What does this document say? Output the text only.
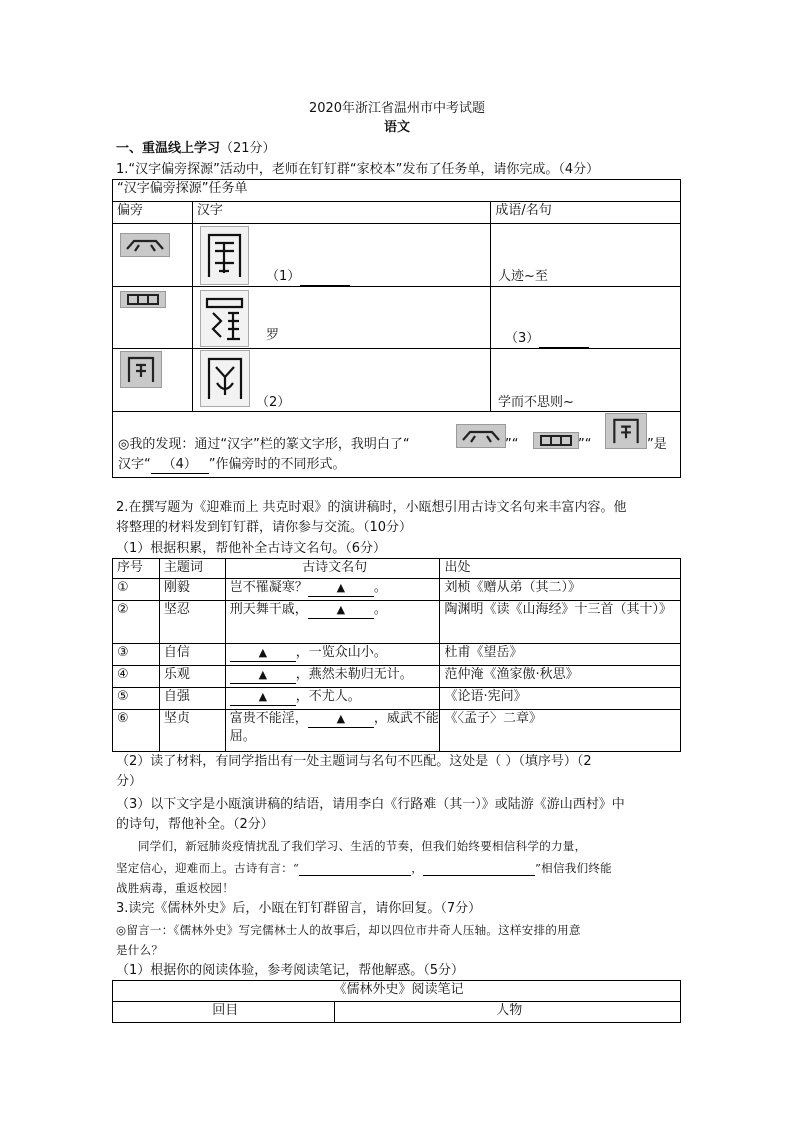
2020年浙江省温州市中考试题
语文
一、重温线上学习（21分）
1.“汉字偏旁探源”活动中，老师在钉钉群“家校本”发布了任务单，请你完成。（4分）
“汉字偏旁探源”任务单		
偏旁	汉字	成语/名句

（1）	人迹~至
罗	（3）
（2）	学而不思则~
◎我的发现：通过“汉字”栏的篆文字形，我明白了“	”“	”“	”是
汉字“ （4） ”作偏旁时的不同形式。
2.在撰写题为《迎难而上 共克时艰》的演讲稿时，小瓯想引用古诗文名句来丰富内容。他
将整理的材料发到钉钉群，请你参与交流。（10分）
（1）根据积累，帮他补全古诗文名句。（6分）
序号	主题词	古诗文名句	出处
①	刚毅	岂不罹凝寒？ ▲ 。	刘桢《赠从弟（其二）》
②	坚忍	刑天舞干戚， ▲ 。	陶渊明《读《山海经》十三首（其十）》
③	自信	▲ ，一览众山小。	杜甫《望岳》
④	乐观	▲ ，燕然未勒归无计。	范仲淹《渔家傲·秋思》
⑤	自强	▲ ，不尤人。	《论语·宪问》
⑥	坚贞	富贵不能淫， ▲ ，威武不能屈。	《〈孟子〉二章》
（2）读了材料，有同学指出有一处主题词与名句不匹配。这处是（ ）（填序号）（2
分）
（3）以下文字是小瓯演讲稿的结语，请用李白《行路难（其一）》或陆游《游山西村》中
的诗句，帮他补全。（2分）
同学们，新冠肺炎疫情扰乱了我们学习、生活的节奏，但我们始终要相信科学的力量，
坚定信心，迎难而上。古诗有言：“	，	”相信我们终能
战胜病毒，重返校园！
3.读完《儒林外史》后，小瓯在钉钉群留言，请你回复。（7分）
◎留言一：《儒林外史》写完儒林士人的故事后，却以四位市井奇人压轴。这样安排的用意
是什么？
（1）根据你的阅读体验，参考阅读笔记，帮他解惑。（5分）
《儒林外史》阅读笔记
回目	人物
